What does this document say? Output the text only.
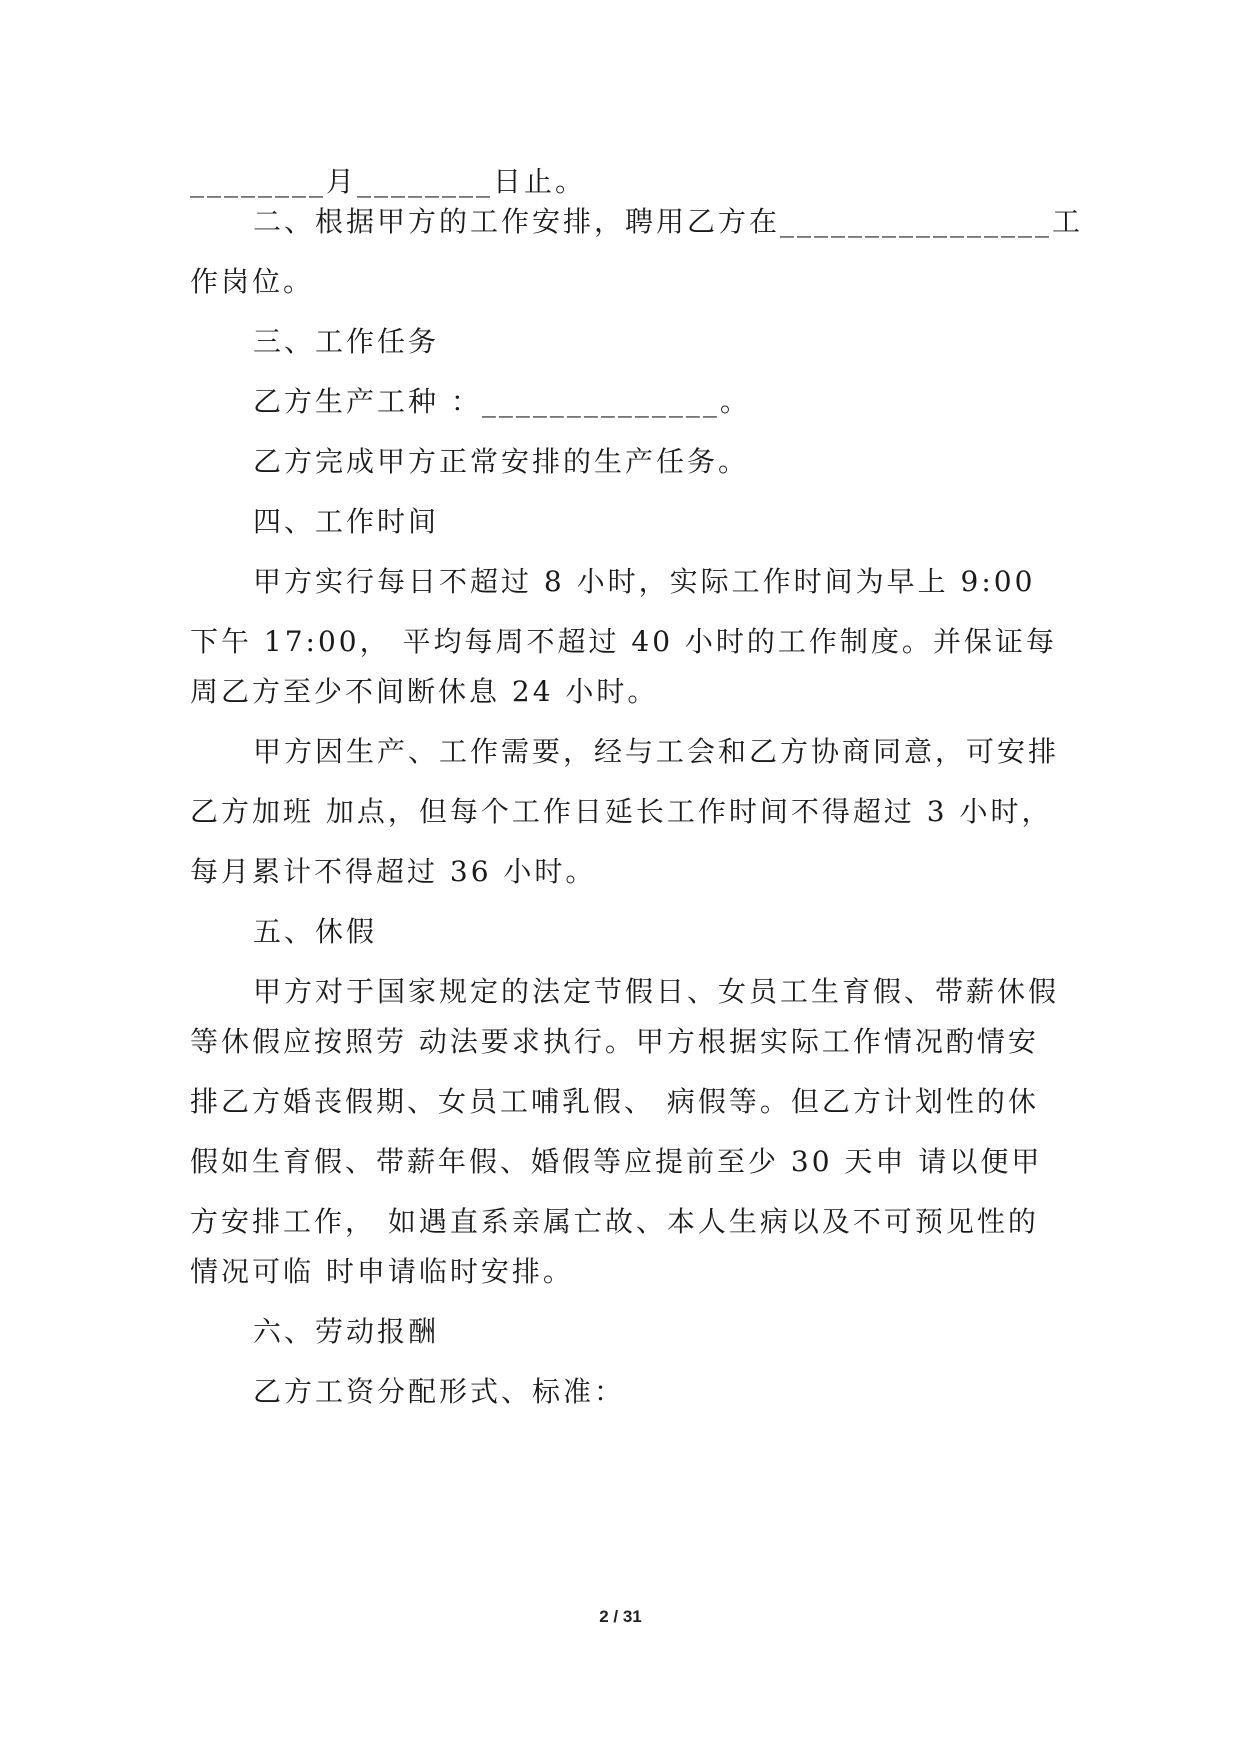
________月________日止。
二、根据甲方的工作安排，聘用乙方在________________工
作岗位。
三、工作任务
乙方生产工种 ：______________。
乙方完成甲方正常安排的生产任务。
四、工作时间
甲方实行每日不超过 8 小时，实际工作时间为早上 9:00
下午 17:00， 平均每周不超过 40 小时的工作制度。并保证每
周乙方至少不间断休息 24 小时。
甲方因生产、工作需要，经与工会和乙方协商同意，可安排
乙方加班 加点，但每个工作日延长工作时间不得超过 3 小时，
每月累计不得超过 36 小时。
五、休假
甲方对于国家规定的法定节假日、女员工生育假、带薪休假
等休假应按照劳 动法要求执行。甲方根据实际工作情况酌情安
排乙方婚丧假期、女员工哺乳假、 病假等。但乙方计划性的休
假如生育假、带薪年假、婚假等应提前至少 30 天申 请以便甲
方安排工作， 如遇直系亲属亡故、本人生病以及不可预见性的
情况可临 时申请临时安排。
六、劳动报酬
乙方工资分配形式、标准：
2 / 31
